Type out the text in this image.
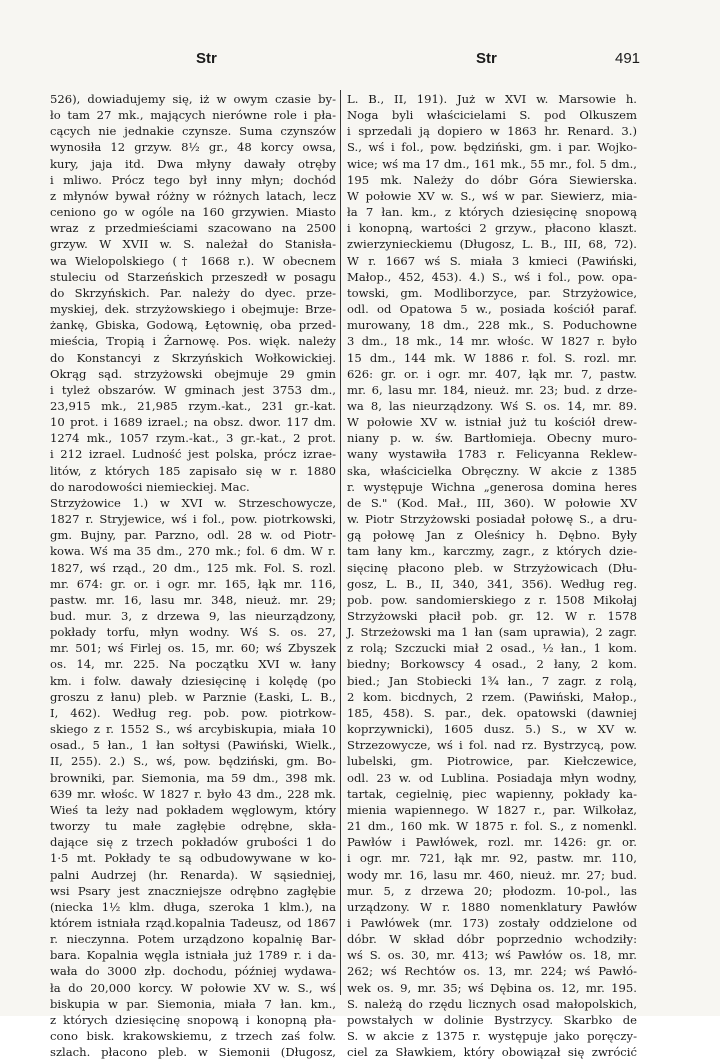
Str	Str	491
526), dowiadujemy się, iż w owym czasie by-
ło tam 27 mk., mających nierówne role i pła-
cących nie jednakie czynsze. Suma czynszów
wynosiła 12 grzyw. 8½ gr., 48 korcy owsa,
kury, jaja itd. Dwa młyny dawały otręby
i mliwo. Prócz tego był inny młyn; dochód
z młynów bywał różny w różnych latach, lecz
ceniono go w ogóle na 160 grzywien. Miasto
wraz z przedmieściami szacowano na 2500
grzyw. W XVII w. S. należał do Stanisła-
wa Wielopolskiego († 1668 r.). W obecnem
stuleciu od Starzeńskich przeszedł w posagu
do Skrzyńskich. Par. należy do dyec. prze-
myskiej, dek. strzyżowskiego i obejmuje: Brze-
żankę, Gbiska, Godową, Łętownię, oba przed-
mieścia, Tropią i Żarnowę. Pos. więk. należy
do Konstancyi z Skrzyńskich Wołkowickiej.
Okrąg sąd. strzyżowski obejmuje 29 gmin
i tyleż obszarów. W gminach jest 3753 dm.,
23,915 mk., 21,985 rzym.-kat., 231 gr.-kat.
10 prot. i 1689 izrael.; na obsz. dwor. 117 dm.
1274 mk., 1057 rzym.-kat., 3 gr.-kat., 2 prot.
i 212 izrael. Ludność jest polska, prócz izrae-
litów, z których 185 zapisało się w r. 1880
do narodowości niemieckiej. Mac.
Strzyżowice 1.) w XVI w. Strzeschowycze,
1827 r. Stryjewice, wś i fol., pow. piotrkowski,
gm. Bujny, par. Parzno, odl. 28 w. od Piotr-
kowa. Wś ma 35 dm., 270 mk.; fol. 6 dm. W r.
1827, wś rząd., 20 dm., 125 mk. Fol. S. rozl.
mr. 674: gr. or. i ogr. mr. 165, łąk mr. 116,
pastw. mr. 16, lasu mr. 348, nieuż. mr. 29;
bud. mur. 3, z drzewa 9, las nieurządzony,
pokłady torfu, młyn wodny. Wś S. os. 27,
mr. 501; wś Firlej os. 15, mr. 60; wś Zbyszek
os. 14, mr. 225. Na początku XVI w. łany
km. i folw. dawały dziesięcinę i kolędę (po
groszu z łanu) pleb. w Parznie (Łaski, L. B.,
I, 462). Według reg. pob. pow. piotrkow-
skiego z r. 1552 S., wś arcybiskupia, miała 10
osad., 5 łan., 1 łan sołtysi (Pawiński, Wielk.,
II, 255). 2.) S., wś, pow. będziński, gm. Bo-
browniki, par. Siemonia, ma 59 dm., 398 mk.
639 mr. włośc. W 1827 r. było 43 dm., 228 mk.
Wieś ta leży nad pokładem węglowym, który
tworzy tu małe zagłębie odrębne, skła-
dające się z trzech pokładów grubości 1 do
1·5 mt. Pokłady te są odbudowywane w ko-
palni Audrzej (hr. Renarda). W sąsiedniej,
wsi Psary jest znaczniejsze odrębno zagłębie
(niecka 1½ klm. długa, szeroka 1 klm.), na
którem istniała rząd.kopalnia Tadeusz, od 1867
r. nieczynna. Potem urządzono kopalnię Bar-
bara. Kopalnia węgla istniała już 1789 r. i da-
wała do 3000 złp. dochodu, później wydawa-
ła do 20,000 korcy. W połowie XV w. S., wś
biskupia w par. Siemonia, miała 7 łan. km.,
z których dziesięcinę snopową i konopną pła-
cono bisk. krakowskiemu, z trzech zaś folw.
szlach. płacono pleb. w Siemonii (Długosz,
L. B., II, 191). Już w XVI w. Marsowie h.
Noga byli właścicielami S. pod Olkuszem
i sprzedali ją dopiero w 1863 hr. Renard. 3.)
S., wś i fol., pow. będziński, gm. i par. Wojko-
wice; wś ma 17 dm., 161 mk., 55 mr., fol. 5 dm.,
195 mk. Należy do dóbr Góra Siewierska.
W połowie XV w. S., wś w par. Siewierz, mia-
ła 7 łan. km., z których dziesięcinę snopową
i konopną, wartości 2 grzyw., płacono klaszt.
zwierzynieckiemu (Długosz, L. B., III, 68, 72).
W r. 1667 wś S. miała 3 kmieci (Pawiński,
Małop., 452, 453). 4.) S., wś i fol., pow. opa-
towski, gm. Modliborzyce, par. Strzyżowice,
odl. od Opatowa 5 w., posiada kościół paraf.
murowany, 18 dm., 228 mk., S. Poduchowne
3 dm., 18 mk., 14 mr. włośc. W 1827 r. było
15 dm., 144 mk. W 1886 r. fol. S. rozl. mr.
626: gr. or. i ogr. mr. 407, łąk mr. 7, pastw.
mr. 6, lasu mr. 184, nieuż. mr. 23; bud. z drze-
wa 8, las nieurządzony. Wś S. os. 14, mr. 89.
W połowie XV w. istniał już tu kościół drew-
niany p. w. św. Bartłomieja. Obecny muro-
wany wystawiła 1783 r. Felicyanna Reklew-
ska, właścicielka Obręczny. W akcie z 1385
r. występuje Wichna „generosa domina heres
de S." (Kod. Mał., III, 360). W połowie XV
w. Piotr Strzyżowski posiadał połowę S., a dru-
gą połowę Jan z Oleśnicy h. Dębno. Były
tam łany km., karczmy, zagr., z których dzie-
sięcinę płacono pleb. w Strzyżowicach (Dłu-
gosz, L. B., II, 340, 341, 356). Według reg.
pob. pow. sandomierskiego z r. 1508 Mikołaj
Strzyżowski płacił pob. gr. 12. W r. 1578
J. Strzeżowski ma 1 łan (sam uprawia), 2 zagr.
z rolą; Szczucki miał 2 osad., ½ łan., 1 kom.
biedny; Borkowscy 4 osad., 2 łany, 2 kom.
bied.; Jan Stobiecki 1¾ łan., 7 zagr. z rolą,
2 kom. bicdnych, 2 rzem. (Pawiński, Małop.,
185, 458). S. par., dek. opatowski (dawniej
koprzywnicki), 1605 dusz. 5.) S., w XV w.
Strzezowycze, wś i fol. nad rz. Bystrzycą, pow.
lubelski, gm. Piotrowice, par. Kiełczewice,
odl. 23 w. od Lublina. Posiadaja młyn wodny,
tartak, cegielnię, piec wapienny, pokłady ka-
mienia wapiennego. W 1827 r., par. Wilkołaz,
21 dm., 160 mk. W 1875 r. fol. S., z nomenkl.
Pawłów i Pawłówek, rozl. mr. 1426: gr. or.
i ogr. mr. 721, łąk mr. 92, pastw. mr. 110,
wody mr. 16, lasu mr. 460, nieuż. mr. 27; bud.
mur. 5, z drzewa 20; płodozm. 10-pol., las
urządzony. W r. 1880 nomenklatury Pawłów
i Pawłówek (mr. 173) zostały oddzielone od
dóbr. W skład dóbr poprzednio wchodziły:
wś S. os. 30, mr. 413; wś Pawłów os. 18, mr.
262; wś Rechtów os. 13, mr. 224; wś Pawłó-
wek os. 9, mr. 35; wś Dębina os. 12, mr. 195.
S. należą do rzędu licznych osad małopolskich,
powstałych w dolinie Bystrzycy. Skarbko de
S. w akcie z 1375 r. występuje jako poręczy-
ciel za Sławkiem, który obowiązał się zwrócić
